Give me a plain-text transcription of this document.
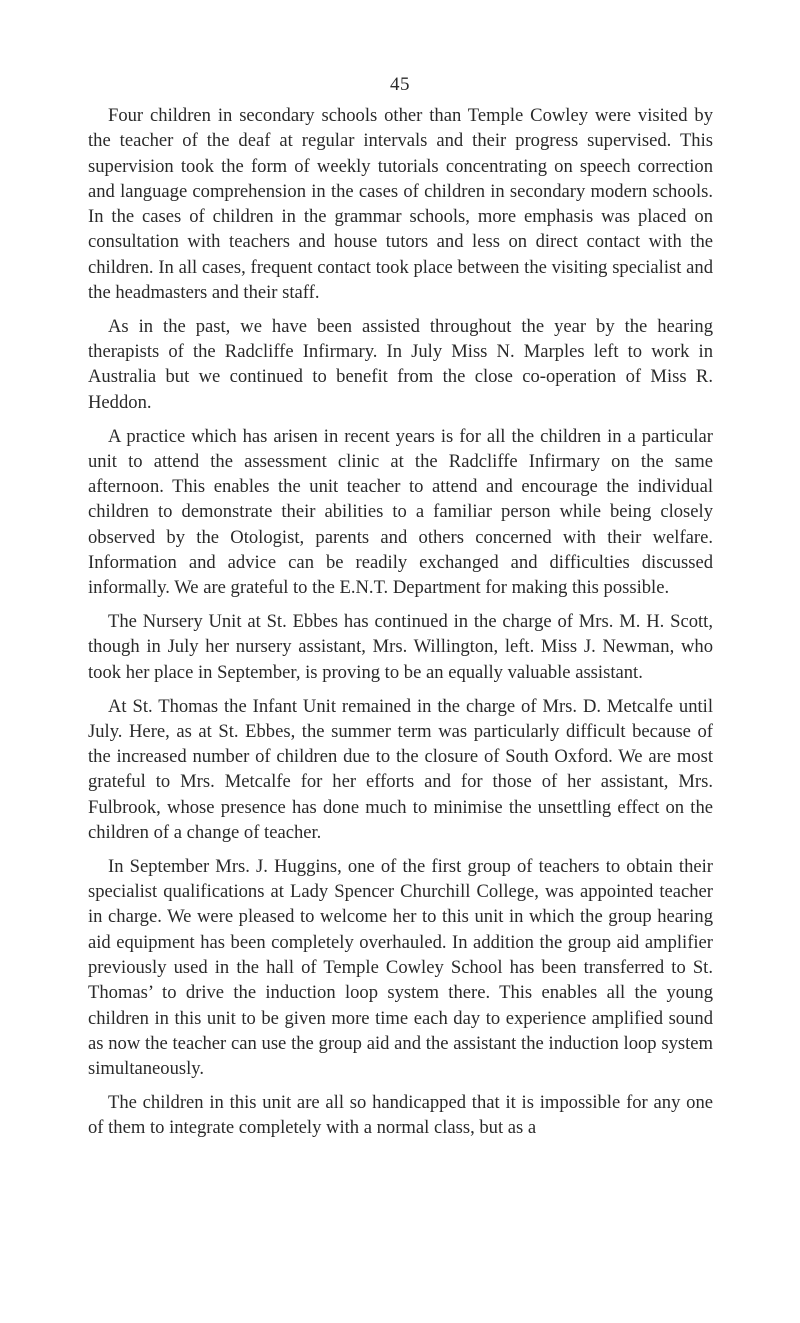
45

Four children in secondary schools other than Temple Cowley were visited by the teacher of the deaf at regular intervals and their progress supervised. This supervision took the form of weekly tutorials concentrating on speech correction and language comprehension in the cases of children in secondary modern schools. In the cases of children in the grammar schools, more emphasis was placed on consultation with teachers and house tutors and less on direct contact with the children. In all cases, frequent contact took place between the visiting specialist and the headmasters and their staff.

As in the past, we have been assisted throughout the year by the hearing therapists of the Radcliffe Infirmary. In July Miss N. Marples left to work in Australia but we continued to benefit from the close co-operation of Miss R. Heddon.

A practice which has arisen in recent years is for all the children in a particular unit to attend the assessment clinic at the Radcliffe Infirmary on the same afternoon. This enables the unit teacher to attend and encourage the individual children to demonstrate their abilities to a familiar person while being closely observed by the Otologist, parents and others concerned with their welfare. Information and advice can be readily exchanged and difficulties discussed informally. We are grateful to the E.N.T. Department for making this possible.

The Nursery Unit at St. Ebbes has continued in the charge of Mrs. M. H. Scott, though in July her nursery assistant, Mrs. Willington, left. Miss J. Newman, who took her place in September, is proving to be an equally valuable assistant.

At St. Thomas the Infant Unit remained in the charge of Mrs. D. Metcalfe until July. Here, as at St. Ebbes, the summer term was particularly difficult because of the increased number of children due to the closure of South Oxford. We are most grateful to Mrs. Metcalfe for her efforts and for those of her assistant, Mrs. Fulbrook, whose presence has done much to minimise the unsettling effect on the children of a change of teacher.

In September Mrs. J. Huggins, one of the first group of teachers to obtain their specialist qualifications at Lady Spencer Churchill College, was appointed teacher in charge. We were pleased to welcome her to this unit in which the group hearing aid equipment has been completely overhauled. In addition the group aid amplifier previously used in the hall of Temple Cowley School has been transferred to St. Thomas’ to drive the induction loop system there. This enables all the young children in this unit to be given more time each day to experience amplified sound as now the teacher can use the group aid and the assistant the induction loop system simultaneously.

The children in this unit are all so handicapped that it is impossible for any one of them to integrate completely with a normal class, but as a
